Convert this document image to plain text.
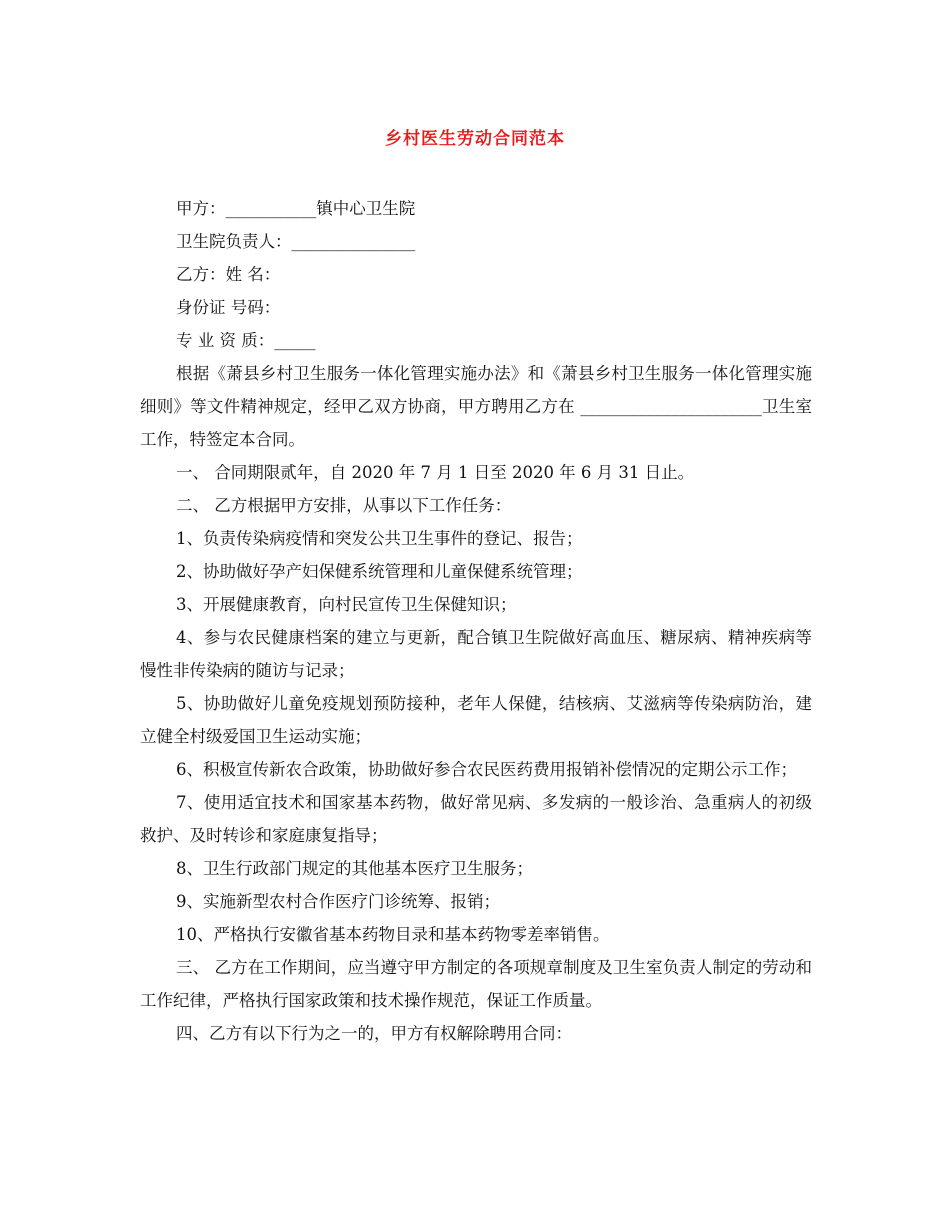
乡村医生劳动合同范本

甲方：___________镇中心卫生院

卫生院负责人：_______________

乙方：姓 名：

身份证 号码：

专 业 资 质：_____

根据《萧县乡村卫生服务一体化管理实施办法》和《萧县乡村卫生服务一体化管理实施细则》等文件精神规定，经甲乙双方协商，甲方聘用乙方在 ______________________卫生室工作，特签定本合同。

一、 合同期限贰年，自 2020 年 7 月 1 日至 2020 年 6 月 31 日止。

二、 乙方根据甲方安排，从事以下工作任务：

1、负责传染病疫情和突发公共卫生事件的登记、报告；

2、协助做好孕产妇保健系统管理和儿童保健系统管理；

3、开展健康教育，向村民宣传卫生保健知识；

4、参与农民健康档案的建立与更新，配合镇卫生院做好高血压、糖尿病、精神疾病等慢性非传染病的随访与记录；

5、协助做好儿童免疫规划预防接种，老年人保健，结核病、艾滋病等传染病防治，建立健全村级爱国卫生运动实施；

6、积极宣传新农合政策，协助做好参合农民医药费用报销补偿情况的定期公示工作；

7、使用适宜技术和国家基本药物，做好常见病、多发病的一般诊治、急重病人的初级救护、及时转诊和家庭康复指导；

8、卫生行政部门规定的其他基本医疗卫生服务；

9、实施新型农村合作医疗门诊统筹、报销；

10、严格执行安徽省基本药物目录和基本药物零差率销售。

三、 乙方在工作期间，应当遵守甲方制定的各项规章制度及卫生室负责人制定的劳动和工作纪律，严格执行国家政策和技术操作规范，保证工作质量。

四、乙方有以下行为之一的，甲方有权解除聘用合同：
